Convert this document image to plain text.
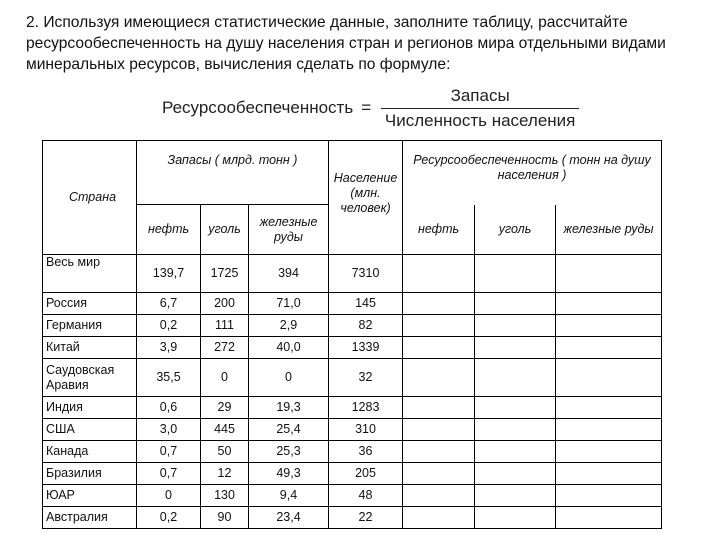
2. Используя имеющиеся статистические данные, заполните таблицу, рассчитайте ресурсообеспеченность на душу населения стран и регионов мира отдельными видами минеральных ресурсов, вычисления сделать по формуле:
Ресурсообеспеченность = $\frac{\text{Запасы}}{\text{Численность населения}}$
Страна	Запасы ( млрд. тонн )			Население (млн. человек)	Ресурсообеспеченность ( тонн на душу населения )		
	нефть	уголь	железные руды		нефть	уголь	железные руды
Весь мир	139,7	1725	394	7310			
Россия	6,7	200	71,0	145			
Германия	0,2	111	2,9	82			
Китай	3,9	272	40,0	1339			
Саудовская Аравия	35,5	0	0	32			
Индия	0,6	29	19,3	1283			
США	3,0	445	25,4	310			
Канада	0,7	50	25,3	36			
Бразилия	0,7	12	49,3	205			
ЮАР	0	130	9,4	48			
Австралия	0,2	90	23,4	22			
